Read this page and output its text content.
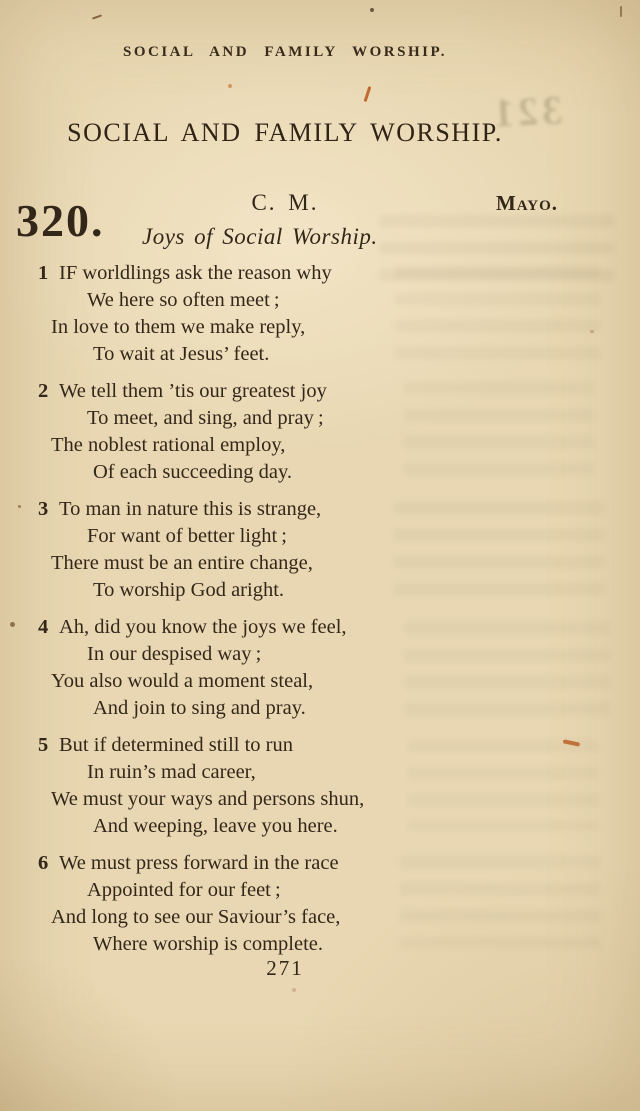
321
SOCIAL AND FAMILY WORSHIP.
SOCIAL AND FAMILY WORSHIP.
C. M.	Mayo.
320. Joys of Social Worship.
1 IF worldlings ask the reason why
We here so often meet ;
In love to them we make reply,
To wait at Jesus’ feet.
2 We tell them ’tis our greatest joy
To meet, and sing, and pray ;
The noblest rational employ,
Of each succeeding day.
3 To man in nature this is strange,
For want of better light ;
There must be an entire change,
To worship God aright.
4 Ah, did you know the joys we feel,
In our despised way ;
You also would a moment steal,
And join to sing and pray.
5 But if determined still to run
In ruin’s mad career,
We must your ways and persons shun,
And weeping, leave you here.
6 We must press forward in the race
Appointed for our feet ;
And long to see our Saviour’s face,
Where worship is complete.
271
